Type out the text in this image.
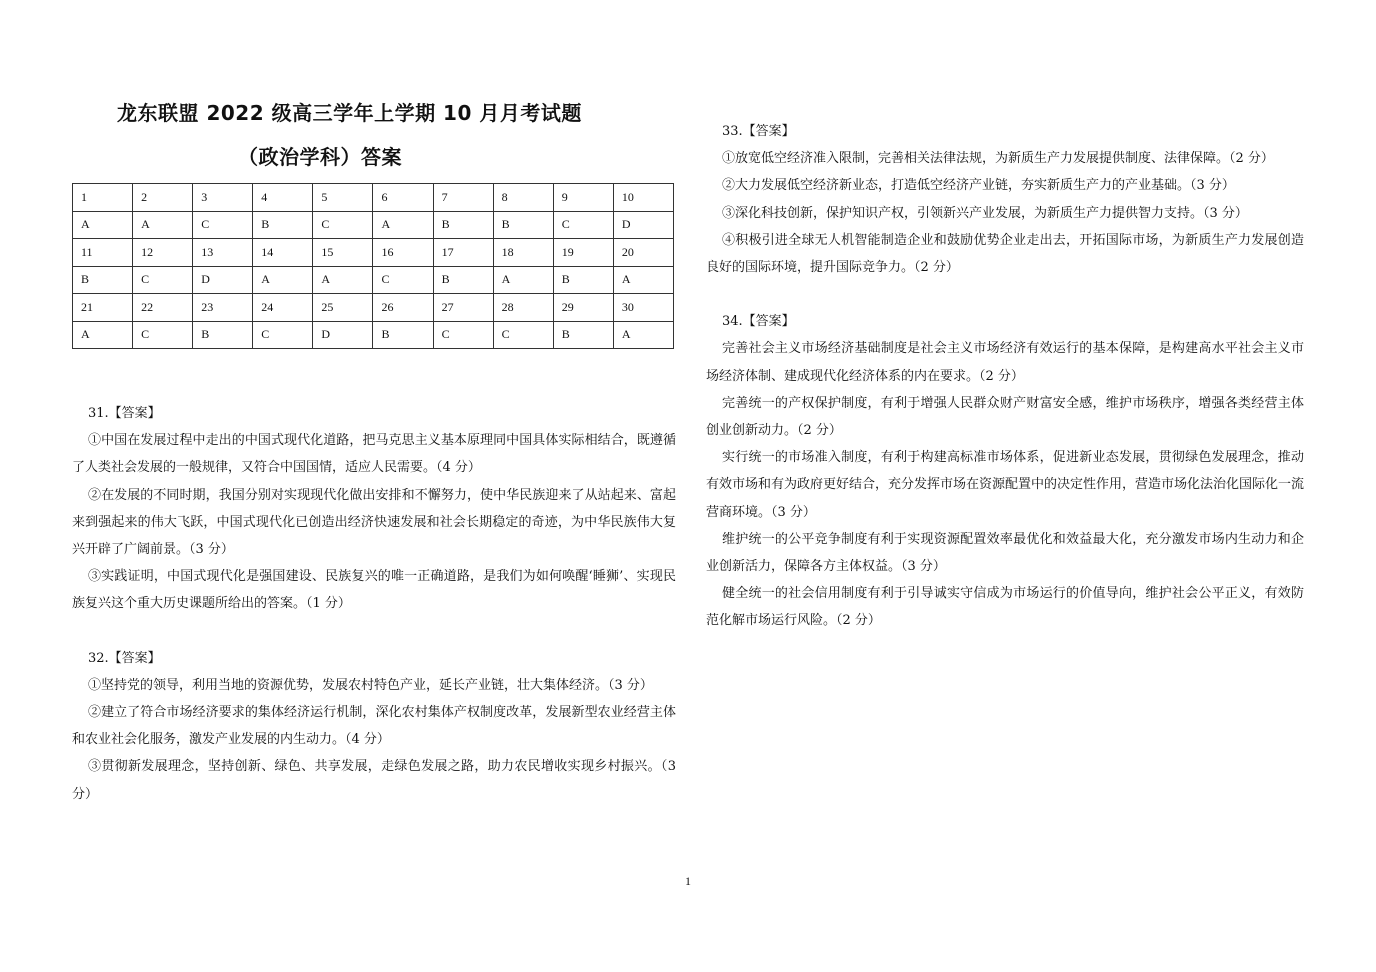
龙东联盟 2022 级高三学年上学期 10 月月考试题
（政治学科）答案
1	2	3	4	5	6	7	8	9	10
A	A	C	B	C	A	B	B	C	D
11	12	13	14	15	16	17	18	19	20
B	C	D	A	A	C	B	A	B	A
21	22	23	24	25	26	27	28	29	30
A	C	B	C	D	B	C	C	B	A

31.【答案】

①中国在发展过程中走出的中国式现代化道路，把马克思主义基本原理同中国具体实际相结合，既遵循了人类社会发展的一般规律，又符合中国国情，适应人民需要。（4 分）

②在发展的不同时期，我国分别对实现现代化做出安排和不懈努力，使中华民族迎来了从站起来、富起来到强起来的伟大飞跃，中国式现代化已创造出经济快速发展和社会长期稳定的奇迹，为中华民族伟大复兴开辟了广阔前景。（3 分）

③实践证明，中国式现代化是强国建设、民族复兴的唯一正确道路，是我们为如何唤醒‘睡狮’、实现民族复兴这个重大历史课题所给出的答案。（1 分）

32.【答案】

①坚持党的领导，利用当地的资源优势，发展农村特色产业，延长产业链，壮大集体经济。（3 分）

②建立了符合市场经济要求的集体经济运行机制，深化农村集体产权制度改革，发展新型农业经营主体和农业社会化服务，激发产业发展的内生动力。（4 分）

③贯彻新发展理念，坚持创新、绿色、共享发展，走绿色发展之路，助力农民增收实现乡村振兴。（3 分）

33.【答案】

①放宽低空经济准入限制，完善相关法律法规，为新质生产力发展提供制度、法律保障。（2 分）

②大力发展低空经济新业态，打造低空经济产业链，夯实新质生产力的产业基础。（3 分）

③深化科技创新，保护知识产权，引领新兴产业发展，为新质生产力提供智力支持。（3 分）

④积极引进全球无人机智能制造企业和鼓励优势企业走出去，开拓国际市场，为新质生产力发展创造良好的国际环境，提升国际竞争力。（2 分）

34.【答案】

完善社会主义市场经济基础制度是社会主义市场经济有效运行的基本保障，是构建高水平社会主义市场经济体制、建成现代化经济体系的内在要求。（2 分）

完善统一的产权保护制度，有利于增强人民群众财产财富安全感，维护市场秩序，增强各类经营主体创业创新动力。（2 分）

实行统一的市场准入制度，有利于构建高标准市场体系，促进新业态发展，贯彻绿色发展理念，推动有效市场和有为政府更好结合，充分发挥市场在资源配置中的决定性作用，营造市场化法治化国际化一流营商环境。（3 分）

维护统一的公平竞争制度有利于实现资源配置效率最优化和效益最大化，充分激发市场内生动力和企业创新活力，保障各方主体权益。（3 分）

健全统一的社会信用制度有利于引导诚实守信成为市场运行的价值导向，维护社会公平正义，有效防范化解市场运行风险。（2 分）

1
